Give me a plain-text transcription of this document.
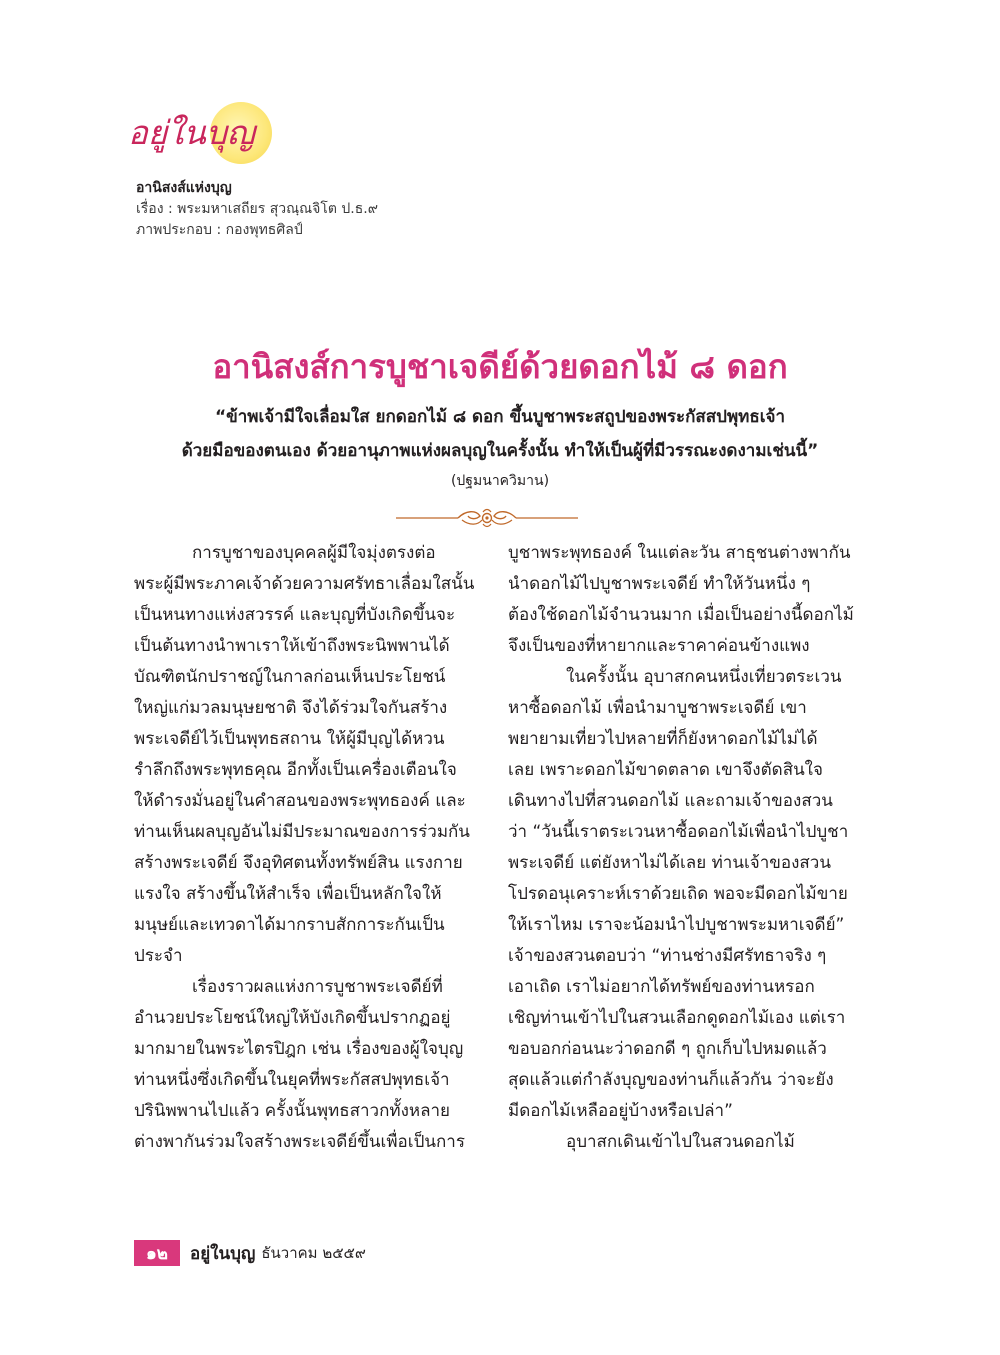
อยู่ในบุญ
อานิสงส์แห่งบุญ
เรื่อง : พระมหาเสถียร สุวณฺณจิโต ป.ธ.๙
ภาพประกอบ : กองพุทธศิลป์
อานิสงส์การบูชาเจดีย์ด้วยดอกไม้ ๘ ดอก
“ข้าพเจ้ามีใจเลื่อมใส ยกดอกไม้ ๘ ดอก ขึ้นบูชาพระสถูปของพระกัสสปพุทธเจ้า
ด้วยมือของตนเอง ด้วยอานุภาพแห่งผลบุญในครั้งนั้น ทำให้เป็นผู้ที่มีวรรณะงดงามเช่นนี้”
(ปฐมนาควิมาน)

การบูชาของบุคคลผู้มีใจมุ่งตรงต่อ

พระผู้มีพระภาคเจ้าด้วยความศรัทธาเลื่อมใสนั้น

เป็นหนทางแห่งสวรรค์ และบุญที่บังเกิดขึ้นจะ

เป็นต้นทางนำพาเราให้เข้าถึงพระนิพพานได้

บัณฑิตนักปราชญ์ในกาลก่อนเห็นประโยชน์

ใหญ่แก่มวลมนุษยชาติ จึงได้ร่วมใจกันสร้าง

พระเจดีย์ไว้เป็นพุทธสถาน ให้ผู้มีบุญได้หวน

รำลึกถึงพระพุทธคุณ อีกทั้งเป็นเครื่องเตือนใจ

ให้ดำรงมั่นอยู่ในคำสอนของพระพุทธองค์ และ

ท่านเห็นผลบุญอันไม่มีประมาณของการร่วมกัน

สร้างพระเจดีย์ จึงอุทิศตนทั้งทรัพย์สิน แรงกาย

แรงใจ สร้างขึ้นให้สำเร็จ เพื่อเป็นหลักใจให้

มนุษย์และเทวดาได้มากราบสักการะกันเป็น

ประจำ

เรื่องราวผลแห่งการบูชาพระเจดีย์ที่

อำนวยประโยชน์ใหญ่ให้บังเกิดขึ้นปรากฏอยู่

มากมายในพระไตรปิฎก เช่น เรื่องของผู้ใจบุญ

ท่านหนึ่งซึ่งเกิดขึ้นในยุคที่พระกัสสปพุทธเจ้า

ปรินิพพานไปแล้ว ครั้งนั้นพุทธสาวกทั้งหลาย

ต่างพากันร่วมใจสร้างพระเจดีย์ขึ้นเพื่อเป็นการ

บูชาพระพุทธองค์ ในแต่ละวัน สาธุชนต่างพากัน

นำดอกไม้ไปบูชาพระเจดีย์ ทำให้วันหนึ่ง ๆ

ต้องใช้ดอกไม้จำนวนมาก เมื่อเป็นอย่างนี้ดอกไม้

จึงเป็นของที่หายากและราคาค่อนข้างแพง

ในครั้งนั้น อุบาสกคนหนึ่งเที่ยวตระเวน

หาซื้อดอกไม้ เพื่อนำมาบูชาพระเจดีย์ เขา

พยายามเที่ยวไปหลายที่ก็ยังหาดอกไม้ไม่ได้

เลย เพราะดอกไม้ขาดตลาด เขาจึงตัดสินใจ

เดินทางไปที่สวนดอกไม้ และถามเจ้าของสวน

ว่า “วันนี้เราตระเวนหาซื้อดอกไม้เพื่อนำไปบูชา

พระเจดีย์ แต่ยังหาไม่ได้เลย ท่านเจ้าของสวน

โปรดอนุเคราะห์เราด้วยเถิด พอจะมีดอกไม้ขาย

ให้เราไหม เราจะน้อมนำไปบูชาพระมหาเจดีย์”

เจ้าของสวนตอบว่า “ท่านช่างมีศรัทธาจริง ๆ

เอาเถิด เราไม่อยากได้ทรัพย์ของท่านหรอก

เชิญท่านเข้าไปในสวนเลือกดูดอกไม้เอง แต่เรา

ขอบอกก่อนนะว่าดอกดี ๆ ถูกเก็บไปหมดแล้ว

สุดแล้วแต่กำลังบุญของท่านก็แล้วกัน ว่าจะยัง

มีดอกไม้เหลืออยู่บ้างหรือเปล่า”

อุบาสกเดินเข้าไปในสวนดอกไม้

๑๒	อยู่ในบุญ ธันวาคม ๒๕๕๙
